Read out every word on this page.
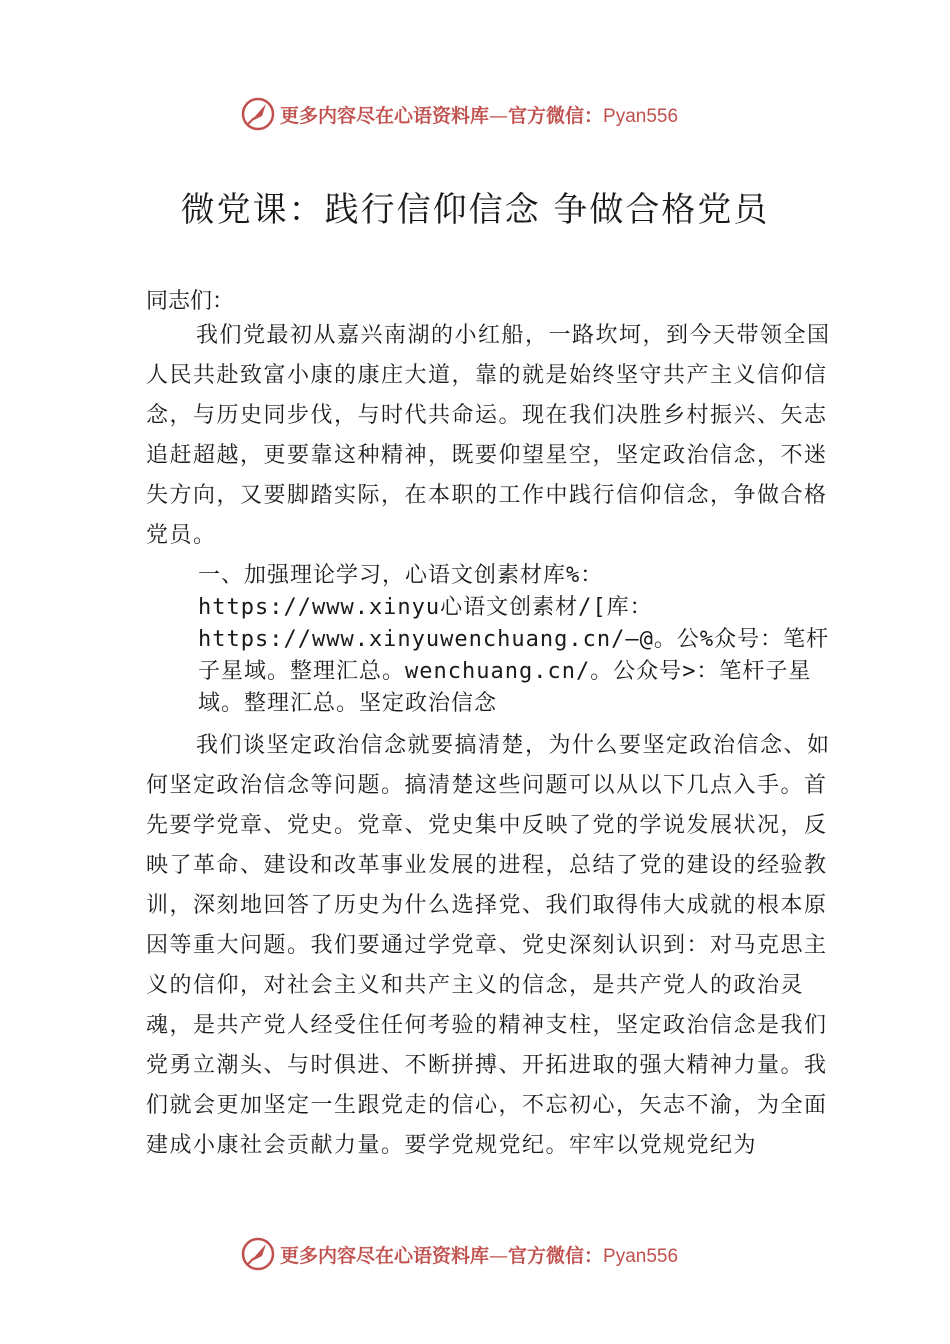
更多内容尽在心语资料库—官方微信：Pyan556
微党课：践行信仰信念 争做合格党员
同志们：

我们党最初从嘉兴南湖的小红船，一路坎坷，到今天带领全国人民共赴致富小康的康庄大道，靠的就是始终坚守共产主义信仰信念，与历史同步伐，与时代共命运。现在我们决胜乡村振兴、矢志追赶超越，更要靠这种精神，既要仰望星空，坚定政治信念，不迷失方向，又要脚踏实际，在本职的工作中践行信仰信念，争做合格党员。

一、加强理论学习，心语文创素材库%：https://www.xinyu心语文创素材/[库：https://www.xinyuwenchuang.cn/—@。公%众号：笔杆子星域。整理汇总。wenchuang.cn/。公众号>：笔杆子星域。整理汇总。坚定政治信念

我们谈坚定政治信念就要搞清楚，为什么要坚定政治信念、如何坚定政治信念等问题。搞清楚这些问题可以从以下几点入手。首先要学党章、党史。党章、党史集中反映了党的学说发展状况，反映了革命、建设和改革事业发展的进程，总结了党的建设的经验教训，深刻地回答了历史为什么选择党、我们取得伟大成就的根本原因等重大问题。我们要通过学党章、党史深刻认识到：对马克思主义的信仰，对社会主义和共产主义的信念，是共产党人的政治灵魂，是共产党人经受住任何考验的精神支柱，坚定政治信念是我们党勇立潮头、与时俱进、不断拼搏、开拓进取的强大精神力量。我们就会更加坚定一生跟党走的信心，不忘初心，矢志不渝，为全面建成小康社会贡献力量。要学党规党纪。牢牢以党规党纪为

更多内容尽在心语资料库—官方微信：Pyan556
